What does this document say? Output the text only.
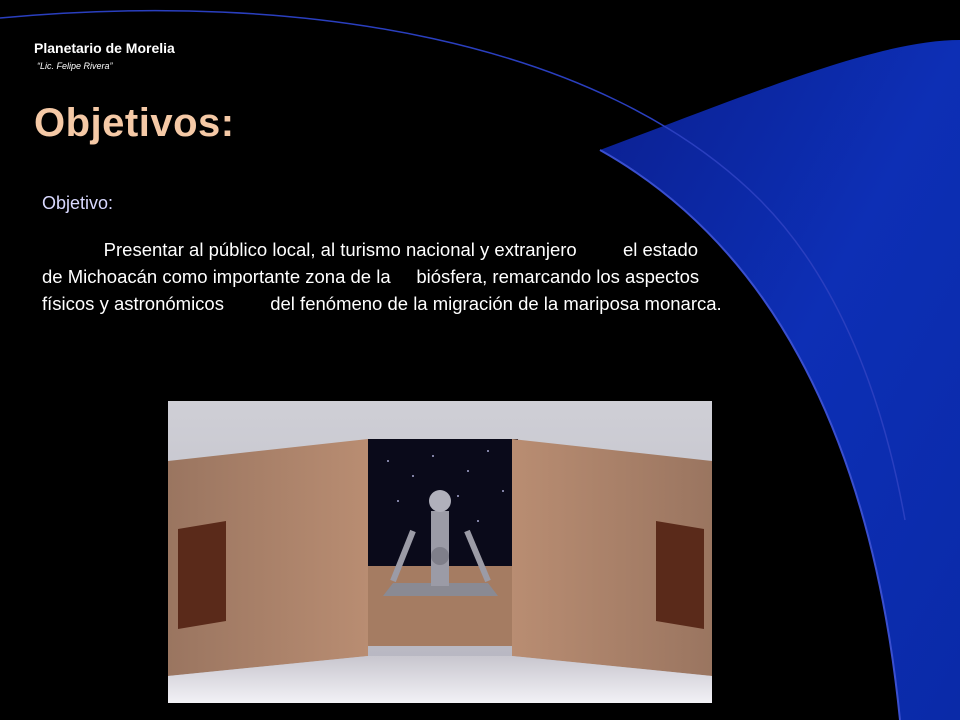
Planetario de Morelia
“Lic. Felipe Rivera”
Objetivos:
Objetivo:
Presentar al público local, al turismo nacional y extranjero         el estado
de Michoacán como importante zona de la     biósfera, remarcando los aspectos
físicos y astronómicos         del fenómeno de la migración de la mariposa monarca.
